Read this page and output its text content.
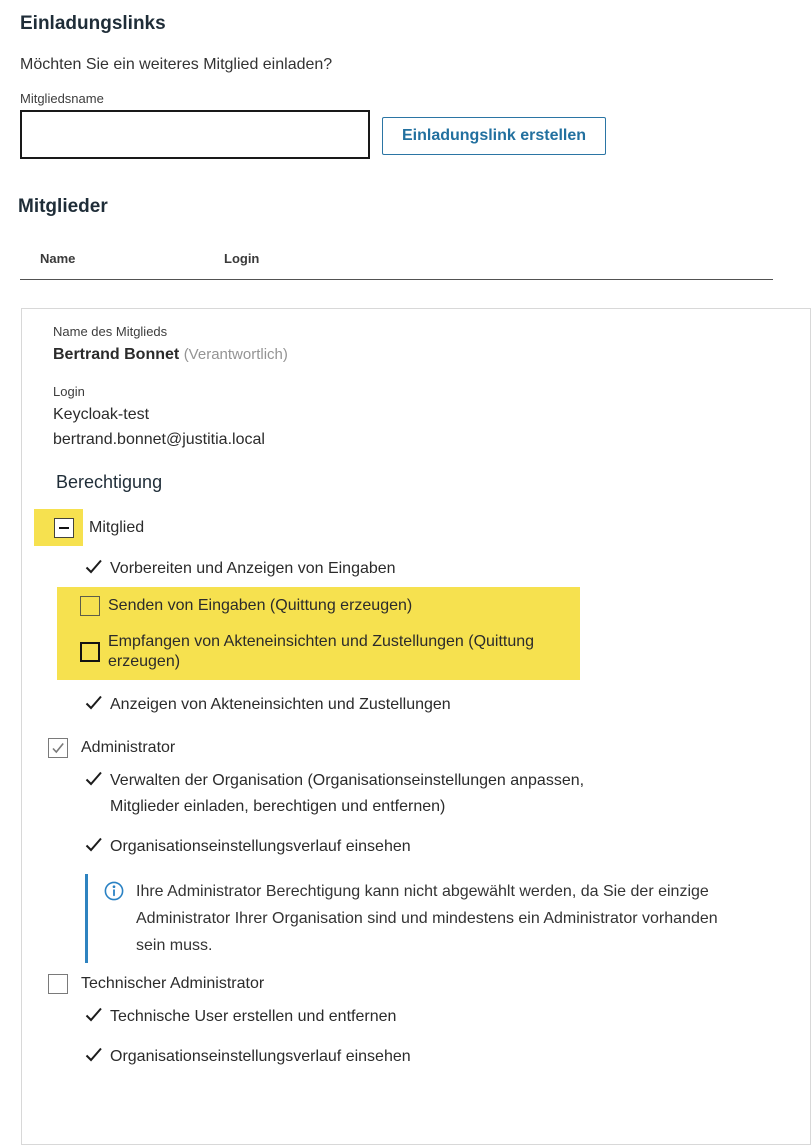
Einladungslinks

Möchten Sie ein weiteres Mitglied einladen?

Mitgliedsname
Einladungslink erstellen
Mitglieder
Name	Login
Name des Mitglieds
Bertrand Bonnet (Verantwortlich)
Login
Keycloak-test
bertrand.bonnet@justitia.local
Berechtigung
Mitglied
Vorbereiten und Anzeigen von Eingaben
Senden von Eingaben (Quittung erzeugen)
Empfangen von Akteneinsichten und Zustellungen (Quittung erzeugen)
Anzeigen von Akteneinsichten und Zustellungen
Administrator
Verwalten der Organisation (Organisationseinstellungen anpassen, Mitglieder einladen, berechtigen und entfernen)
Organisationseinstellungsverlauf einsehen
Ihre Administrator Berechtigung kann nicht abgewählt werden, da Sie der einzige Administrator Ihrer Organisation sind und mindestens ein Administrator vorhanden sein muss.
Technischer Administrator
Technische User erstellen und entfernen
Organisationseinstellungsverlauf einsehen
